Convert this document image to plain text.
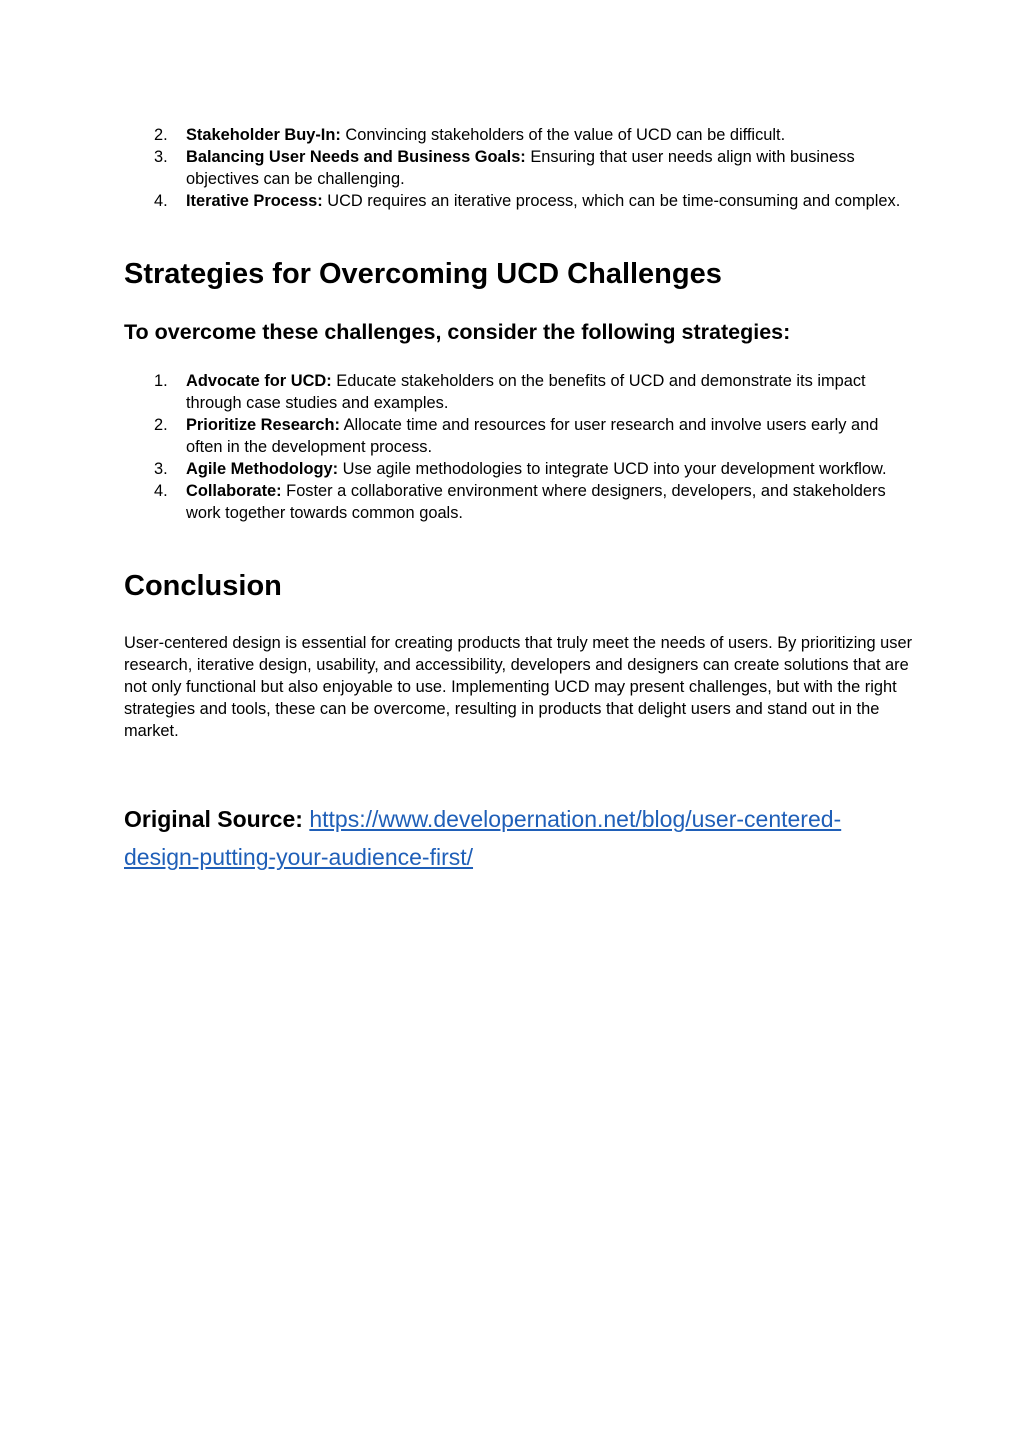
2. Stakeholder Buy-In: Convincing stakeholders of the value of UCD can be difficult.
3. Balancing User Needs and Business Goals: Ensuring that user needs align with business objectives can be challenging.
4. Iterative Process: UCD requires an iterative process, which can be time-consuming and complex.
Strategies for Overcoming UCD Challenges
To overcome these challenges, consider the following strategies:
1. Advocate for UCD: Educate stakeholders on the benefits of UCD and demonstrate its impact through case studies and examples.
2. Prioritize Research: Allocate time and resources for user research and involve users early and often in the development process.
3. Agile Methodology: Use agile methodologies to integrate UCD into your development workflow.
4. Collaborate: Foster a collaborative environment where designers, developers, and stakeholders work together towards common goals.
Conclusion

User-centered design is essential for creating products that truly meet the needs of users. By prioritizing user research, iterative design, usability, and accessibility, developers and designers can create solutions that are not only functional but also enjoyable to use. Implementing UCD may present challenges, but with the right strategies and tools, these can be overcome, resulting in products that delight users and stand out in the market.

Original Source: https://www.developernation.net/blog/user-centered-design-putting-your-audience-first/
